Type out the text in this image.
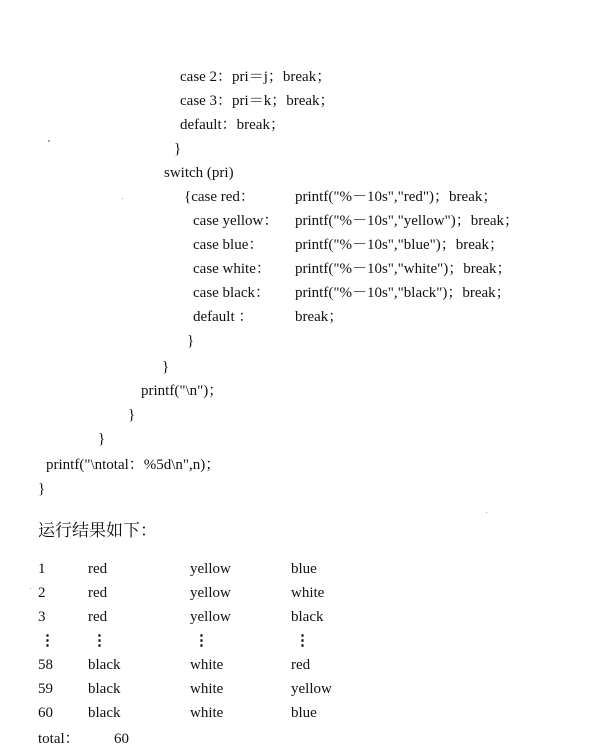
case 2：pri＝j；break；
case 3：pri＝k；break；
default：break；
}
switch (pri)
{case red：	printf("%－10s","red")；break；
case yellow： printf("%－10s","yellow")；break；
case blue： printf("%－10s","blue")；break；
case white： printf("%－10s","white")；break；
case black： printf("%－10s","black")；break；
default ：	break；
}
}
printf("\n")；
}
}
printf("\ntotal：%5d\n",n)；
}
运行结果如下：
1	red	yellow	blue
2	red	yellow	white
3	red	yellow	black
⋮ ⋮	⋮	⋮
58 black	white	red
59 black	white	yellow
60 black	white	blue
total： 60
